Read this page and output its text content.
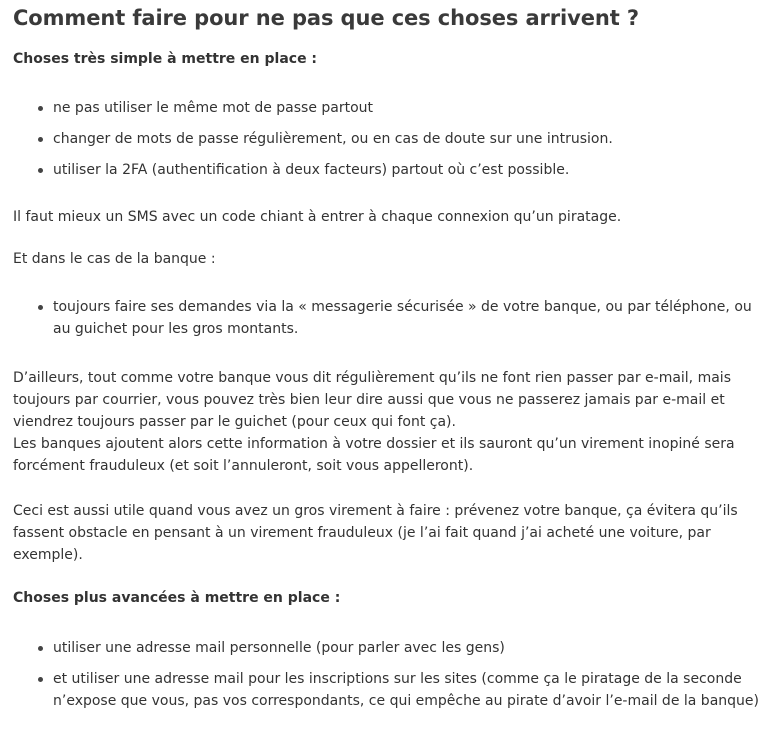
Comment faire pour ne pas que ces choses arrivent ?

Choses très simple à mettre en place :

ne pas utiliser le même mot de passe partout
changer de mots de passe régulièrement, ou en cas de doute sur une intrusion.
utiliser la 2FA (authentification à deux facteurs) partout où c’est possible.

Il faut mieux un SMS avec un code chiant à entrer à chaque connexion qu’un piratage.

Et dans le cas de la banque :

toujours faire ses demandes via la « messagerie sécurisée » de votre banque, ou par téléphone, ou au guichet pour les gros montants.

D’ailleurs, tout comme votre banque vous dit régulièrement qu’ils ne font rien passer par e-mail, mais toujours par courrier, vous pouvez très bien leur dire aussi que vous ne passerez jamais par e-mail et viendrez toujours passer par le guichet (pour ceux qui font ça).
Les banques ajoutent alors cette information à votre dossier et ils sauront qu’un virement inopiné sera forcément frauduleux (et soit l’annuleront, soit vous appelleront).

Ceci est aussi utile quand vous avez un gros virement à faire : prévenez votre banque, ça évitera qu’ils fassent obstacle en pensant à un virement frauduleux (je l’ai fait quand j’ai acheté une voiture, par exemple).

Choses plus avancées à mettre en place :

utiliser une adresse mail personnelle (pour parler avec les gens)
et utiliser une adresse mail pour les inscriptions sur les sites (comme ça le piratage de la seconde n’expose que vous, pas vos correspondants, ce qui empêche au pirate d’avoir l’e-mail de la banque)
